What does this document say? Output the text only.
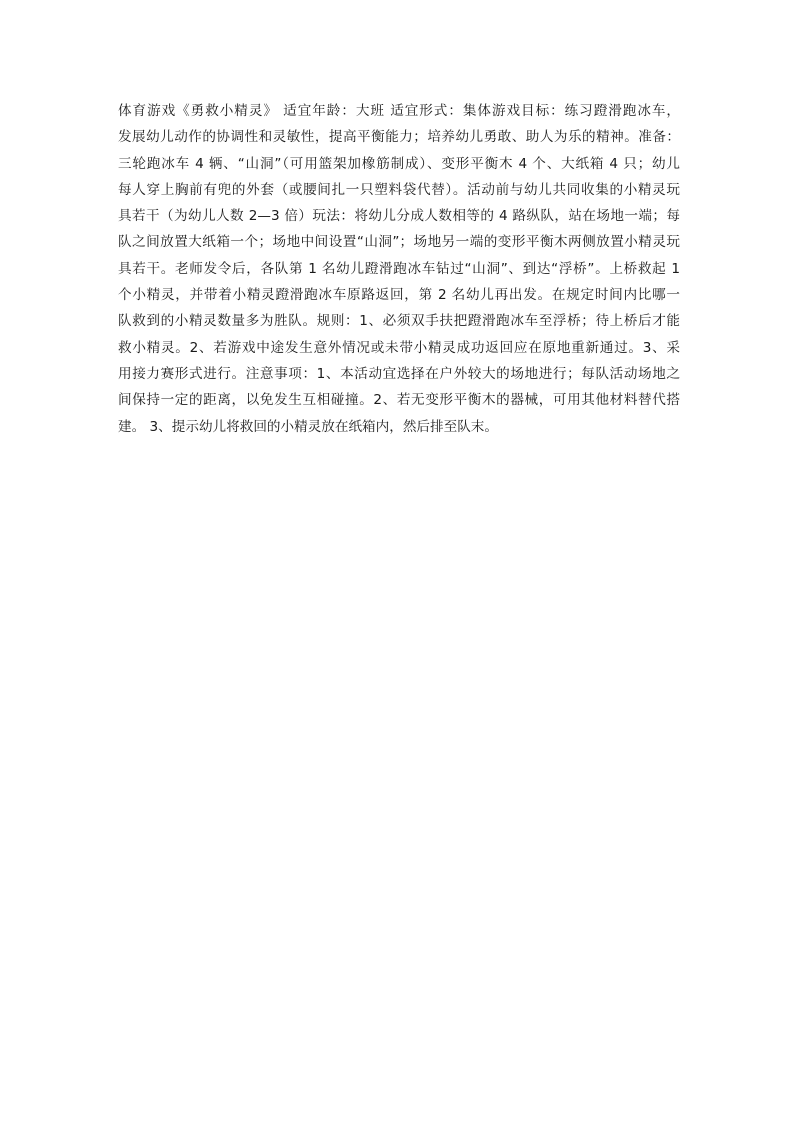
体育游戏《勇救小精灵》 适宜年龄：大班 适宜形式：集体游戏目标：练习蹬滑跑冰车，
发展幼儿动作的协调性和灵敏性，提高平衡能力；培养幼儿勇敢、助人为乐的精神。准备：
三轮跑冰车 4 辆、“山洞”（可用篮架加橡筋制成）、变形平衡木 4 个、大纸箱 4 只；幼儿
每人穿上胸前有兜的外套（或腰间扎一只塑料袋代替）。活动前与幼儿共同收集的小精灵玩
具若干（为幼儿人数 2—3 倍）玩法：将幼儿分成人数相等的 4 路纵队，站在场地一端；每
队之间放置大纸箱一个；场地中间设置“山洞”；场地另一端的变形平衡木两侧放置小精灵玩
具若干。老师发令后，各队第 1 名幼儿蹬滑跑冰车钻过“山洞”、到达“浮桥”。上桥救起 1
个小精灵，并带着小精灵蹬滑跑冰车原路返回，第 2 名幼儿再出发。在规定时间内比哪一
队救到的小精灵数量多为胜队。规则：1、必须双手扶把蹬滑跑冰车至浮桥；待上桥后才能
救小精灵。2、若游戏中途发生意外情况或未带小精灵成功返回应在原地重新通过。3、采
用接力赛形式进行。注意事项：1、本活动宜选择在户外较大的场地进行；每队活动场地之
间保持一定的距离，以免发生互相碰撞。2、若无变形平衡木的器械，可用其他材料替代搭
建。 3、提示幼儿将救回的小精灵放在纸箱内，然后排至队末。
